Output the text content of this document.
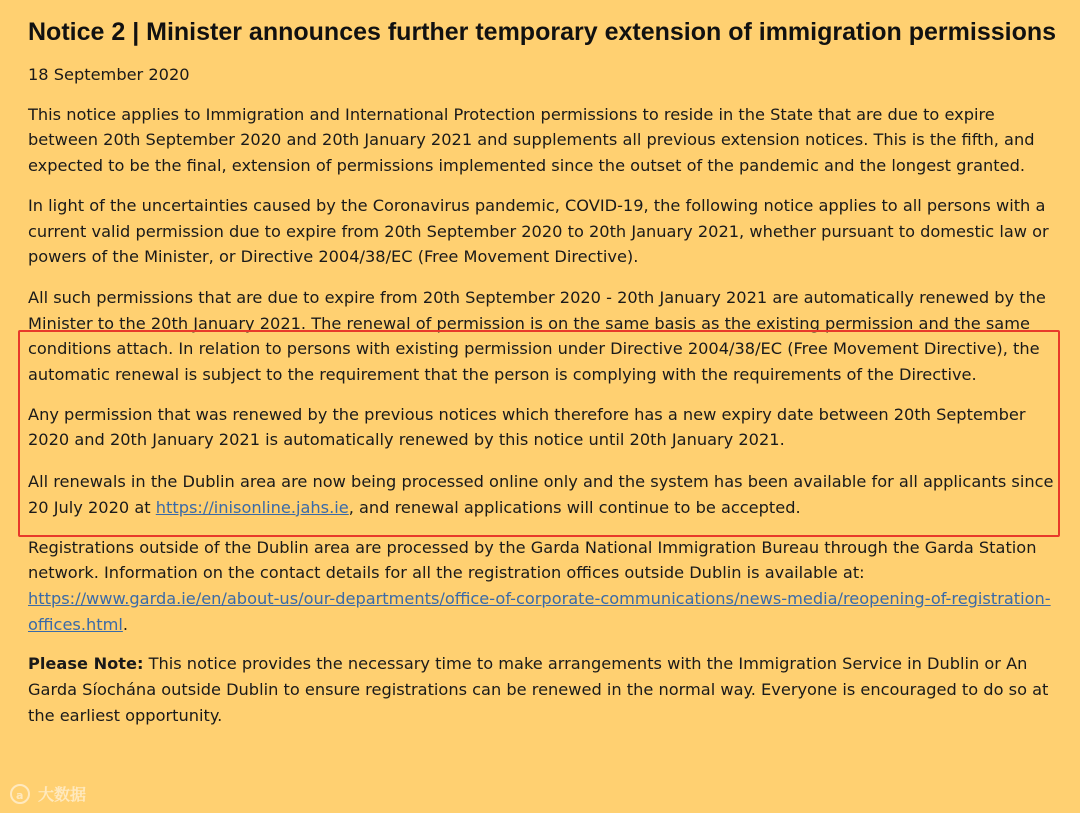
Notice 2 | Minister announces further temporary extension of immigration permissions

18 September 2020

This notice applies to Immigration and International Protection permissions to reside in the State that are due to expire between 20th September 2020 and 20th January 2021 and supplements all previous extension notices. This is the fifth, and expected to be the final, extension of permissions implemented since the outset of the pandemic and the longest granted.

In light of the uncertainties caused by the Coronavirus pandemic, COVID-19, the following notice applies to all persons with a current valid permission due to expire from 20th September 2020 to 20th January 2021, whether pursuant to domestic law or powers of the Minister, or Directive 2004/38/EC (Free Movement Directive).

All such permissions that are due to expire from 20th September 2020 - 20th January 2021 are automatically renewed by the Minister to the 20th January 2021. The renewal of permission is on the same basis as the existing permission and the same conditions attach. In relation to persons with existing permission under Directive 2004/38/EC (Free Movement Directive), the automatic renewal is subject to the requirement that the person is complying with the requirements of the Directive.

Any permission that was renewed by the previous notices which therefore has a new expiry date between 20th September 2020 and 20th January 2021 is automatically renewed by this notice until 20th January 2021.

All renewals in the Dublin area are now being processed online only and the system has been available for all applicants since 20 July 2020 at https://inisonline.jahs.ie, and renewal applications will continue to be accepted.

Registrations outside of the Dublin area are processed by the Garda National Immigration Bureau through the Garda Station network. Information on the contact details for all the registration offices outside Dublin is available at: https://www.garda.ie/en/about-us/our-departments/office-of-corporate-communications/news-media/reopening-of-registration-offices.html.

Please Note: This notice provides the necessary time to make arrangements with the Immigration Service in Dublin or An Garda Síochána outside Dublin to ensure registrations can be renewed in the normal way. Everyone is encouraged to do so at the earliest opportunity.

a 大数据
